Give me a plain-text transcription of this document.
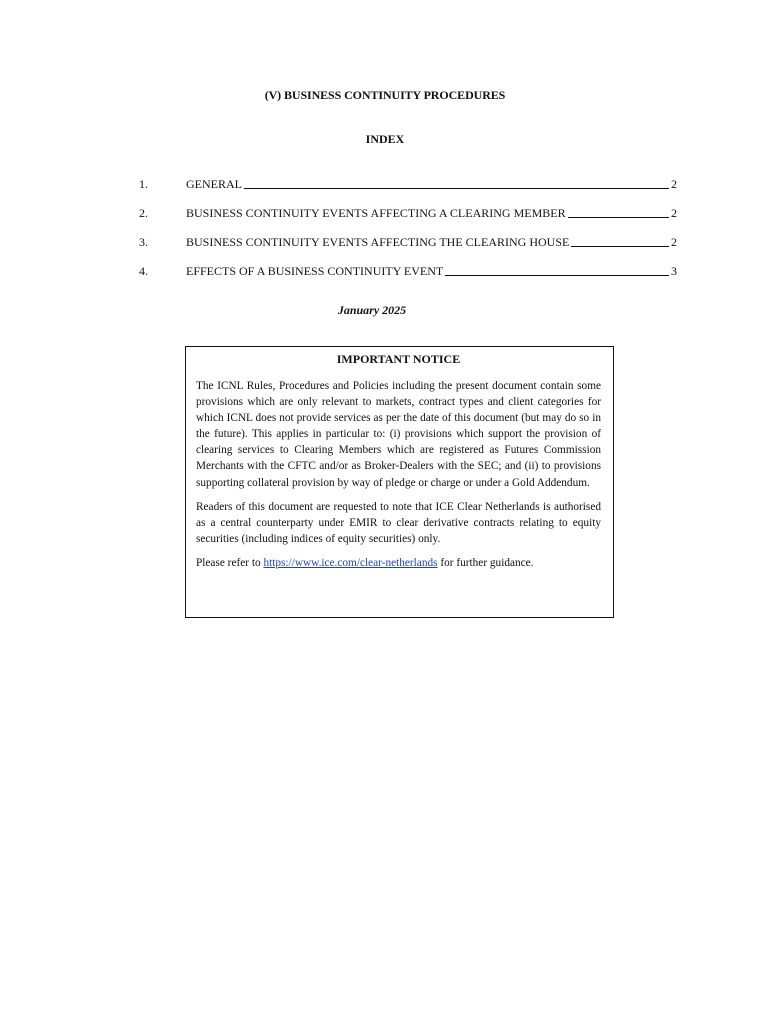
(V) BUSINESS CONTINUITY PROCEDURES
INDEX
1.	GENERAL	2
2.	BUSINESS CONTINUITY EVENTS AFFECTING A CLEARING MEMBER	2
3.	BUSINESS CONTINUITY EVENTS AFFECTING THE CLEARING HOUSE	2
4.	EFFECTS OF A BUSINESS CONTINUITY EVENT	3
January 2025
IMPORTANT NOTICE

The ICNL Rules, Procedures and Policies including the present document contain some provisions which are only relevant to markets, contract types and client categories for which ICNL does not provide services as per the date of this document (but may do so in the future). This applies in particular to: (i) provisions which support the provision of clearing services to Clearing Members which are registered as Futures Commission Merchants with the CFTC and/or as Broker-Dealers with the SEC; and (ii) to provisions supporting collateral provision by way of pledge or charge or under a Gold Addendum.

Readers of this document are requested to note that ICE Clear Netherlands is authorised as a central counterparty under EMIR to clear derivative contracts relating to equity securities (including indices of equity securities) only.

Please refer to https://www.ice.com/clear-netherlands for further guidance.
